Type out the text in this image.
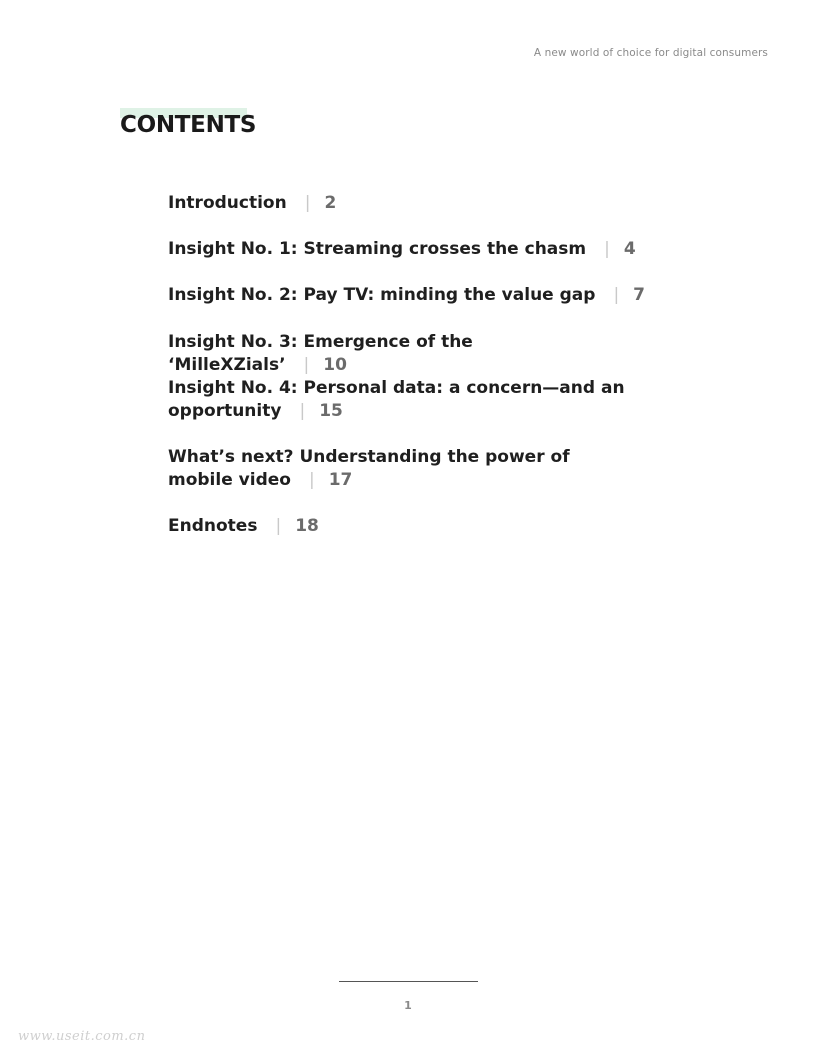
A new world of choice for digital consumers
CONTENTS
Introduction | 2
Insight No. 1: Streaming crosses the chasm | 4
Insight No. 2: Pay TV: minding the value gap | 7
Insight No. 3: Emergence of the ‘MilleXZials’ | 10
Insight No. 4: Personal data: a concern—and an opportunity | 15
What’s next? Understanding the power of mobile video | 17
Endnotes | 18
1
www.useit.com.cn
